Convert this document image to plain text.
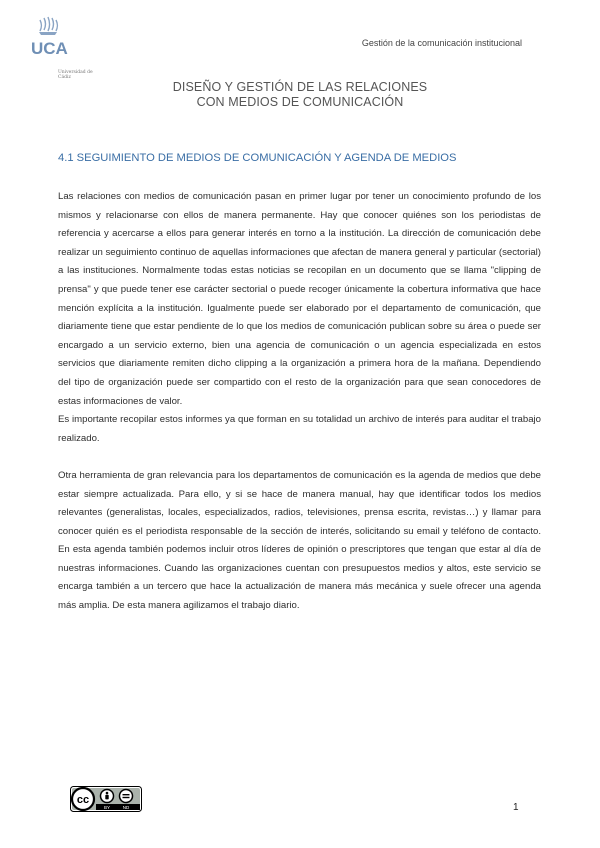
UCA
Universidad de Cádiz
Gestión de la comunicación institucional
DISEÑO Y GESTIÓN DE LAS RELACIONES
CON MEDIOS DE COMUNICACIÓN
4.1 SEGUIMIENTO DE MEDIOS DE COMUNICACIÓN Y AGENDA DE MEDIOS

Las relaciones con medios de comunicación pasan en primer lugar por tener un conocimiento profundo de los mismos y relacionarse con ellos de manera permanente. Hay que conocer quiénes son los periodistas de referencia y acercarse a ellos para generar interés en torno a la institución. La dirección de comunicación debe realizar un seguimiento continuo de aquellas informaciones que afectan de manera general y particular (sectorial) a las instituciones. Normalmente todas estas noticias se recopilan en un documento que se llama "clipping de prensa" y que puede tener ese carácter sectorial o puede recoger únicamente la cobertura informativa que hace mención explícita a la institución. Igualmente puede ser elaborado por el departamento de comunicación, que diariamente tiene que estar pendiente de lo que los medios de comunicación publican sobre su área o puede ser encargado a un servicio externo, bien una agencia de comunicación o un agencia especializada en estos servicios que diariamente remiten dicho clipping a la organización a primera hora de la mañana. Dependiendo del tipo de organización puede ser compartido con el resto de la organización para que sean conocedores de estas informaciones de valor.

Es importante recopilar estos informes ya que forman en su totalidad un archivo de interés para auditar el trabajo realizado.

Otra herramienta de gran relevancia para los departamentos de comunicación es la agenda de medios que debe estar siempre actualizada. Para ello, y si se hace de manera manual, hay que identificar todos los medios relevantes (generalistas, locales, especializados, radios, televisiones, prensa escrita, revistas…) y llamar para conocer quién es el periodista responsable de la sección de interés, solicitando su email y teléfono de contacto. En esta agenda también podemos incluir otros líderes de opinión o prescriptores que tengan que estar al día de nuestras informaciones. Cuando las organizaciones cuentan con presupuestos medios y altos, este servicio se encarga también a un tercero que hace la actualización de manera más mecánica y suele ofrecer una agenda más amplia. De esta manera agilizamos el trabajo diario.

cc
BY	ND	1
